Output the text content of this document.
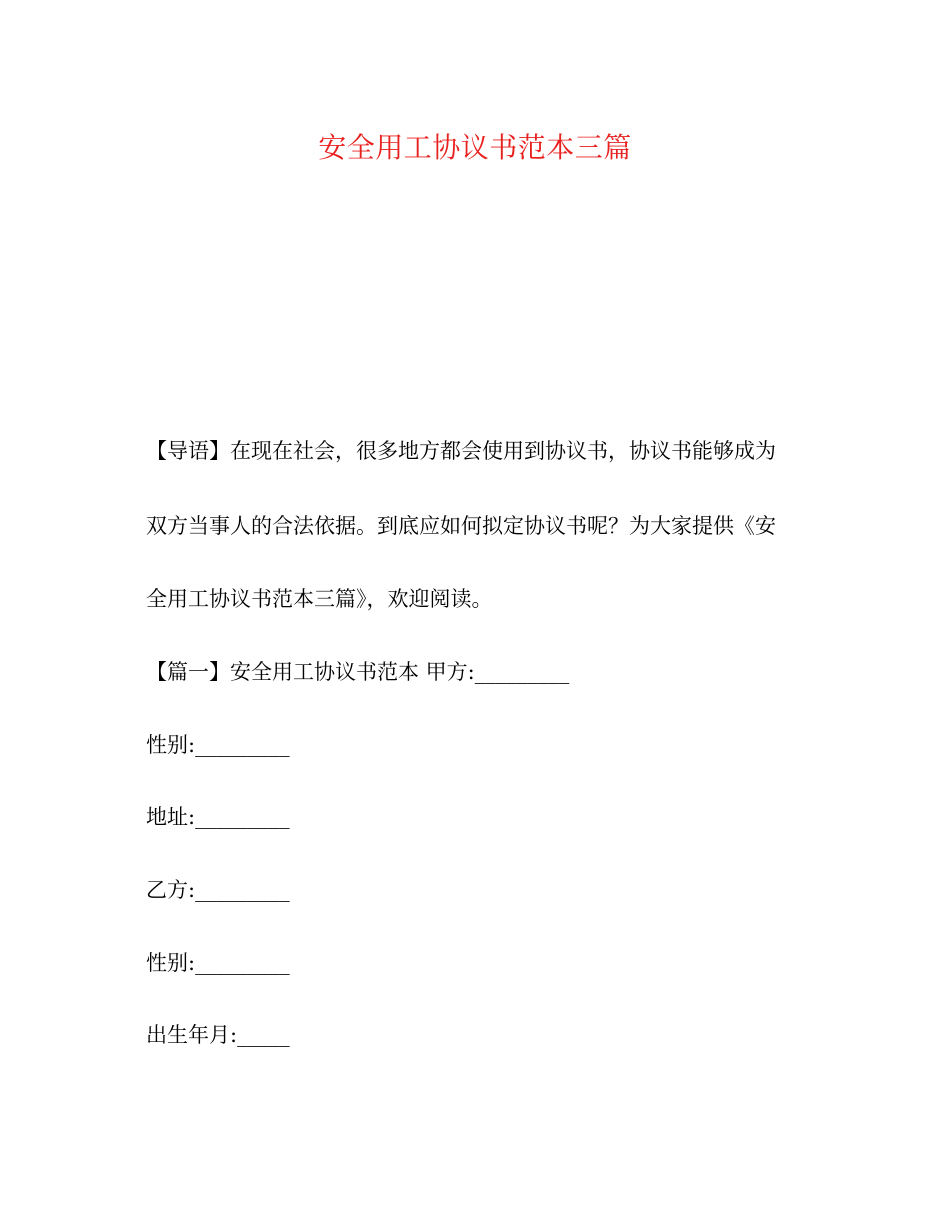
安全用工协议书范本三篇
【导语】在现在社会，很多地方都会使用到协议书，协议书能够成为
双方当事人的合法依据。到底应如何拟定协议书呢？为大家提供《安
全用工协议书范本三篇》，欢迎阅读。
【篇一】安全用工协议书范本 甲方:_________
性别:_________
地址:_________
乙方:_________
性别:_________
出生年月:_____
